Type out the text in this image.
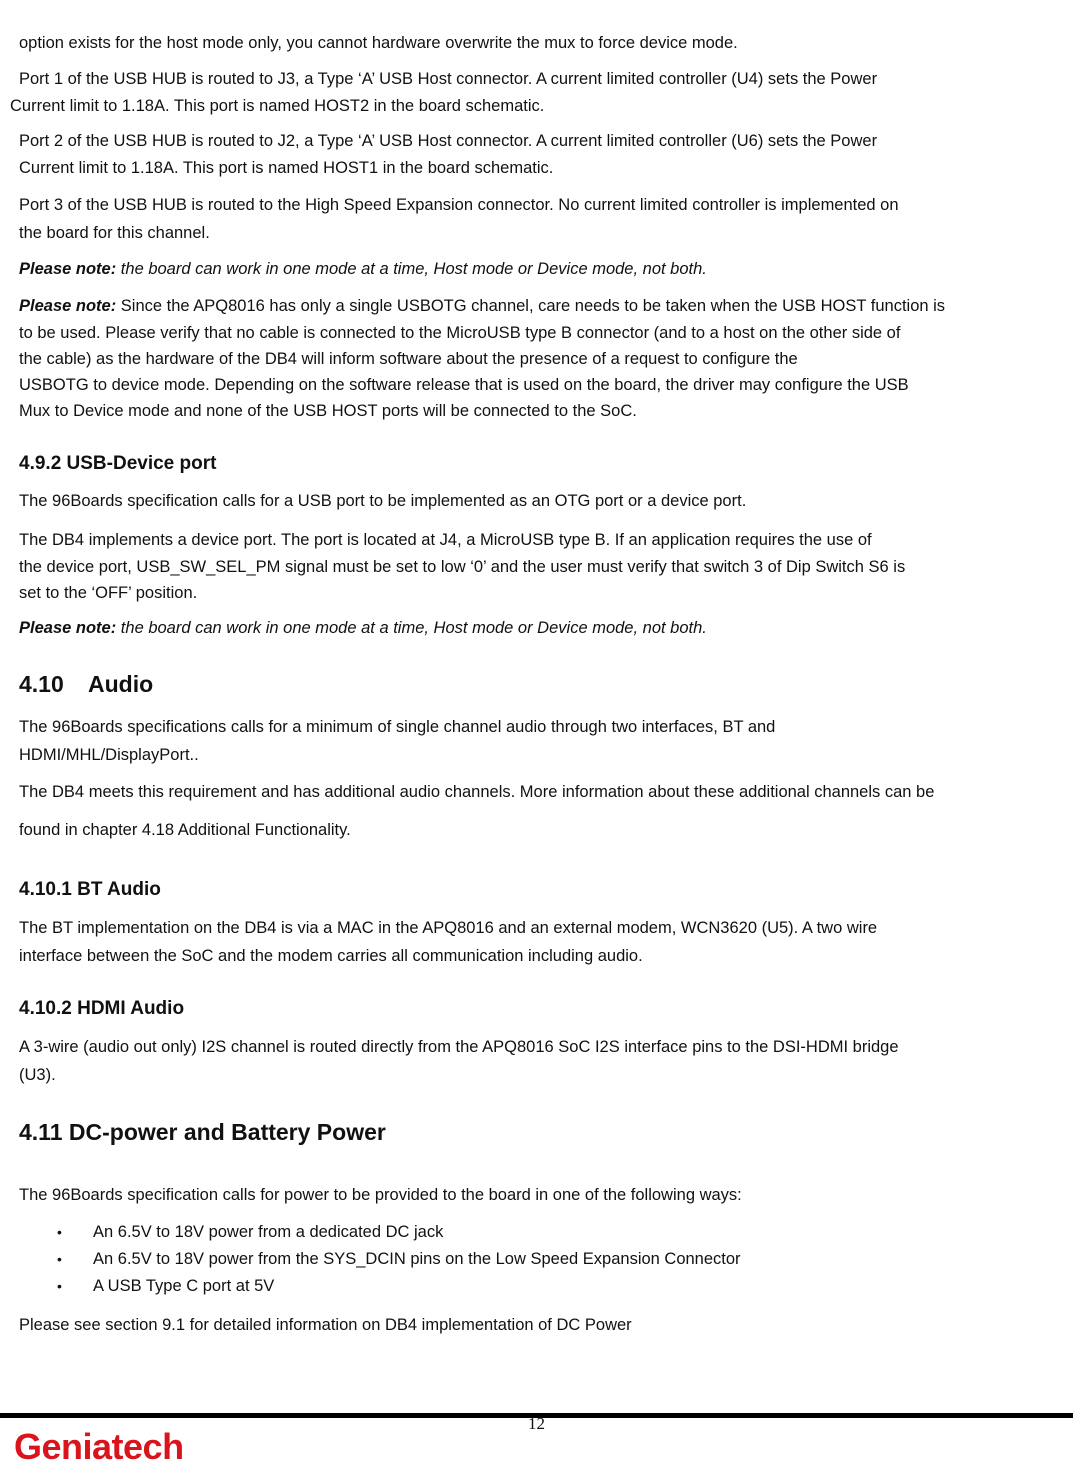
option exists for the host mode only, you cannot hardware overwrite the mux to force device mode.
Port 1 of the USB HUB is routed to J3, a Type ‘A’ USB Host connector. A current limited controller (U4) sets the Power
Current limit to 1.18A. This port is named HOST2 in the board schematic.
Port 2 of the USB HUB is routed to J2, a Type ‘A’ USB Host connector. A current limited controller (U6) sets the Power
Current limit to 1.18A. This port is named HOST1 in the board schematic.
Port 3 of the USB HUB is routed to the High Speed Expansion connector. No current limited controller is implemented on
the board for this channel.
Please note: the board can work in one mode at a time, Host mode or Device mode, not both.
Please note: Since the APQ8016 has only a single USBOTG channel, care needs to be taken when the USB HOST function is
to be used. Please verify that no cable is connected to the MicroUSB type B connector (and to a host on the other side of
the cable) as the hardware of the DB4 will inform software about the presence of a request to configure the
USBOTG to device mode. Depending on the software release that is used on the board, the driver may configure the USB
Mux to Device mode and none of the USB HOST ports will be connected to the SoC.
4.9.2 USB-Device port
The 96Boards specification calls for a USB port to be implemented as an OTG port or a device port.
The DB4 implements a device port. The port is located at J4, a MicroUSB type B. If an application requires the use of
the device port, USB_SW_SEL_PM signal must be set to low ‘0’ and the user must verify that switch 3 of Dip Switch S6 is
set to the ‘OFF’ position.
Please note: the board can work in one mode at a time, Host mode or Device mode, not both.
4.10 Audio
The 96Boards specifications calls for a minimum of single channel audio through two interfaces, BT and
HDMI/MHL/DisplayPort..
The DB4 meets this requirement and has additional audio channels. More information about these additional channels can be
found in chapter 4.18 Additional Functionality.
4.10.1 BT Audio
The BT implementation on the DB4 is via a MAC in the APQ8016 and an external modem, WCN3620 (U5). A two wire
interface between the SoC and the modem carries all communication including audio.
4.10.2 HDMI Audio
A 3-wire (audio out only) I2S channel is routed directly from the APQ8016 SoC I2S interface pins to the DSI-HDMI bridge
(U3).
4.11 DC-power and Battery Power
The 96Boards specification calls for power to be provided to the board in one of the following ways:
• An 6.5V to 18V power from a dedicated DC jack
• An 6.5V to 18V power from the SYS_DCIN pins on the Low Speed Expansion Connector
• A USB Type C port at 5V
Please see section 9.1 for detailed information on DB4 implementation of DC Power
12
Geniatech
